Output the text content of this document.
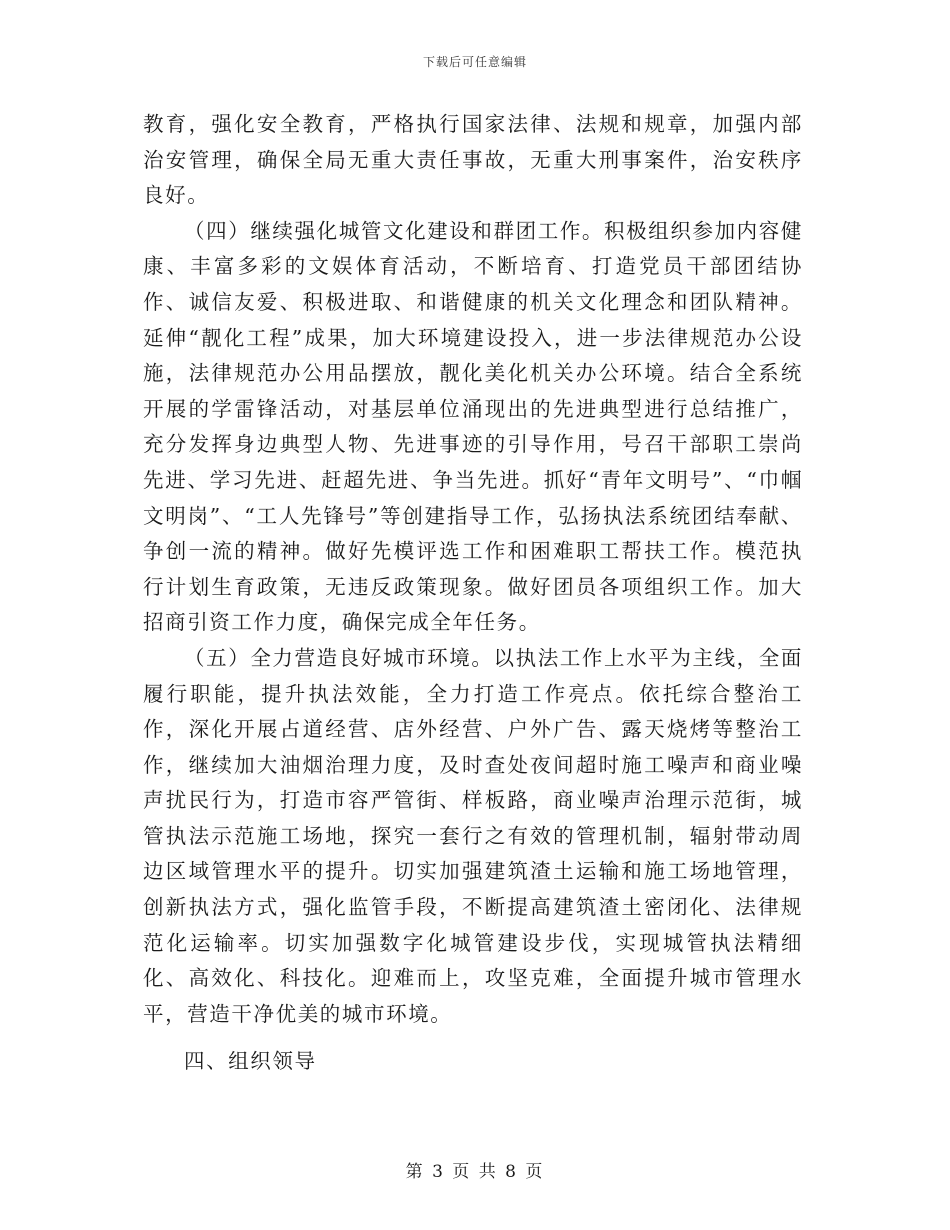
下载后可任意编辑

教育，强化安全教育，严格执行国家法律、法规和规章，加强内部治安管理，确保全局无重大责任事故，无重大刑事案件，治安秩序良好。

（四）继续强化城管文化建设和群团工作。积极组织参加内容健康、丰富多彩的文娱体育活动，不断培育、打造党员干部团结协作、诚信友爱、积极进取、和谐健康的机关文化理念和团队精神。延伸“靓化工程”成果，加大环境建设投入，进一步法律规范办公设施，法律规范办公用品摆放，靓化美化机关办公环境。结合全系统开展的学雷锋活动，对基层单位涌现出的先进典型进行总结推广，充分发挥身边典型人物、先进事迹的引导作用，号召干部职工崇尚先进、学习先进、赶超先进、争当先进。抓好“青年文明号”、“巾帼文明岗”、“工人先锋号”等创建指导工作，弘扬执法系统团结奉献、争创一流的精神。做好先模评选工作和困难职工帮扶工作。模范执行计划生育政策，无违反政策现象。做好团员各项组织工作。加大招商引资工作力度，确保完成全年任务。

（五）全力营造良好城市环境。以执法工作上水平为主线，全面履行职能，提升执法效能，全力打造工作亮点。依托综合整治工作，深化开展占道经营、店外经营、户外广告、露天烧烤等整治工作，继续加大油烟治理力度，及时查处夜间超时施工噪声和商业噪声扰民行为，打造市容严管街、样板路，商业噪声治理示范街，城管执法示范施工场地，探究一套行之有效的管理机制，辐射带动周边区域管理水平的提升。切实加强建筑渣土运输和施工场地管理，创新执法方式，强化监管手段，不断提高建筑渣土密闭化、法律规范化运输率。切实加强数字化城管建设步伐，实现城管执法精细化、高效化、科技化。迎难而上，攻坚克难，全面提升城市管理水平，营造干净优美的城市环境。

四、组织领导

第 3 页 共 8 页
